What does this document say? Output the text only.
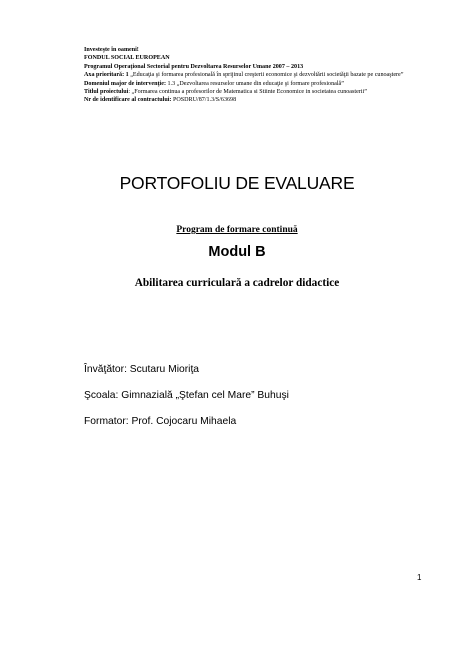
Investeşte în oameni!
FONDUL SOCIAL EUROPEAN
Programul Operaţional Sectorial pentru Dezvoltarea Resurselor Umane 2007 – 2013
Axa prioritară: 1 „Educaţia şi formarea profesională în sprijinul creşterii economice şi dezvoltării societăţii bazate pe cunoaştere”
Domeniul major de intervenţie: 1.3 „Dezvoltarea resurselor umane din educaţie şi formare profesională”
Titlul proiectului: „Formarea continua a profesorilor de Matematica si Stiinte Economice in societatea cunoasterii”
Nr de identificare al contractului: POSDRU/87/1.3/S/63698
PORTOFOLIU DE EVALUARE
Program de formare continuă
Modul B
Abilitarea curriculară a cadrelor didactice
Învăţător: Scutaru Mioriţa
Şcoala: Gimnazială „Ştefan cel Mare” Buhuşi
Formator: Prof. Cojocaru Mihaela
1
